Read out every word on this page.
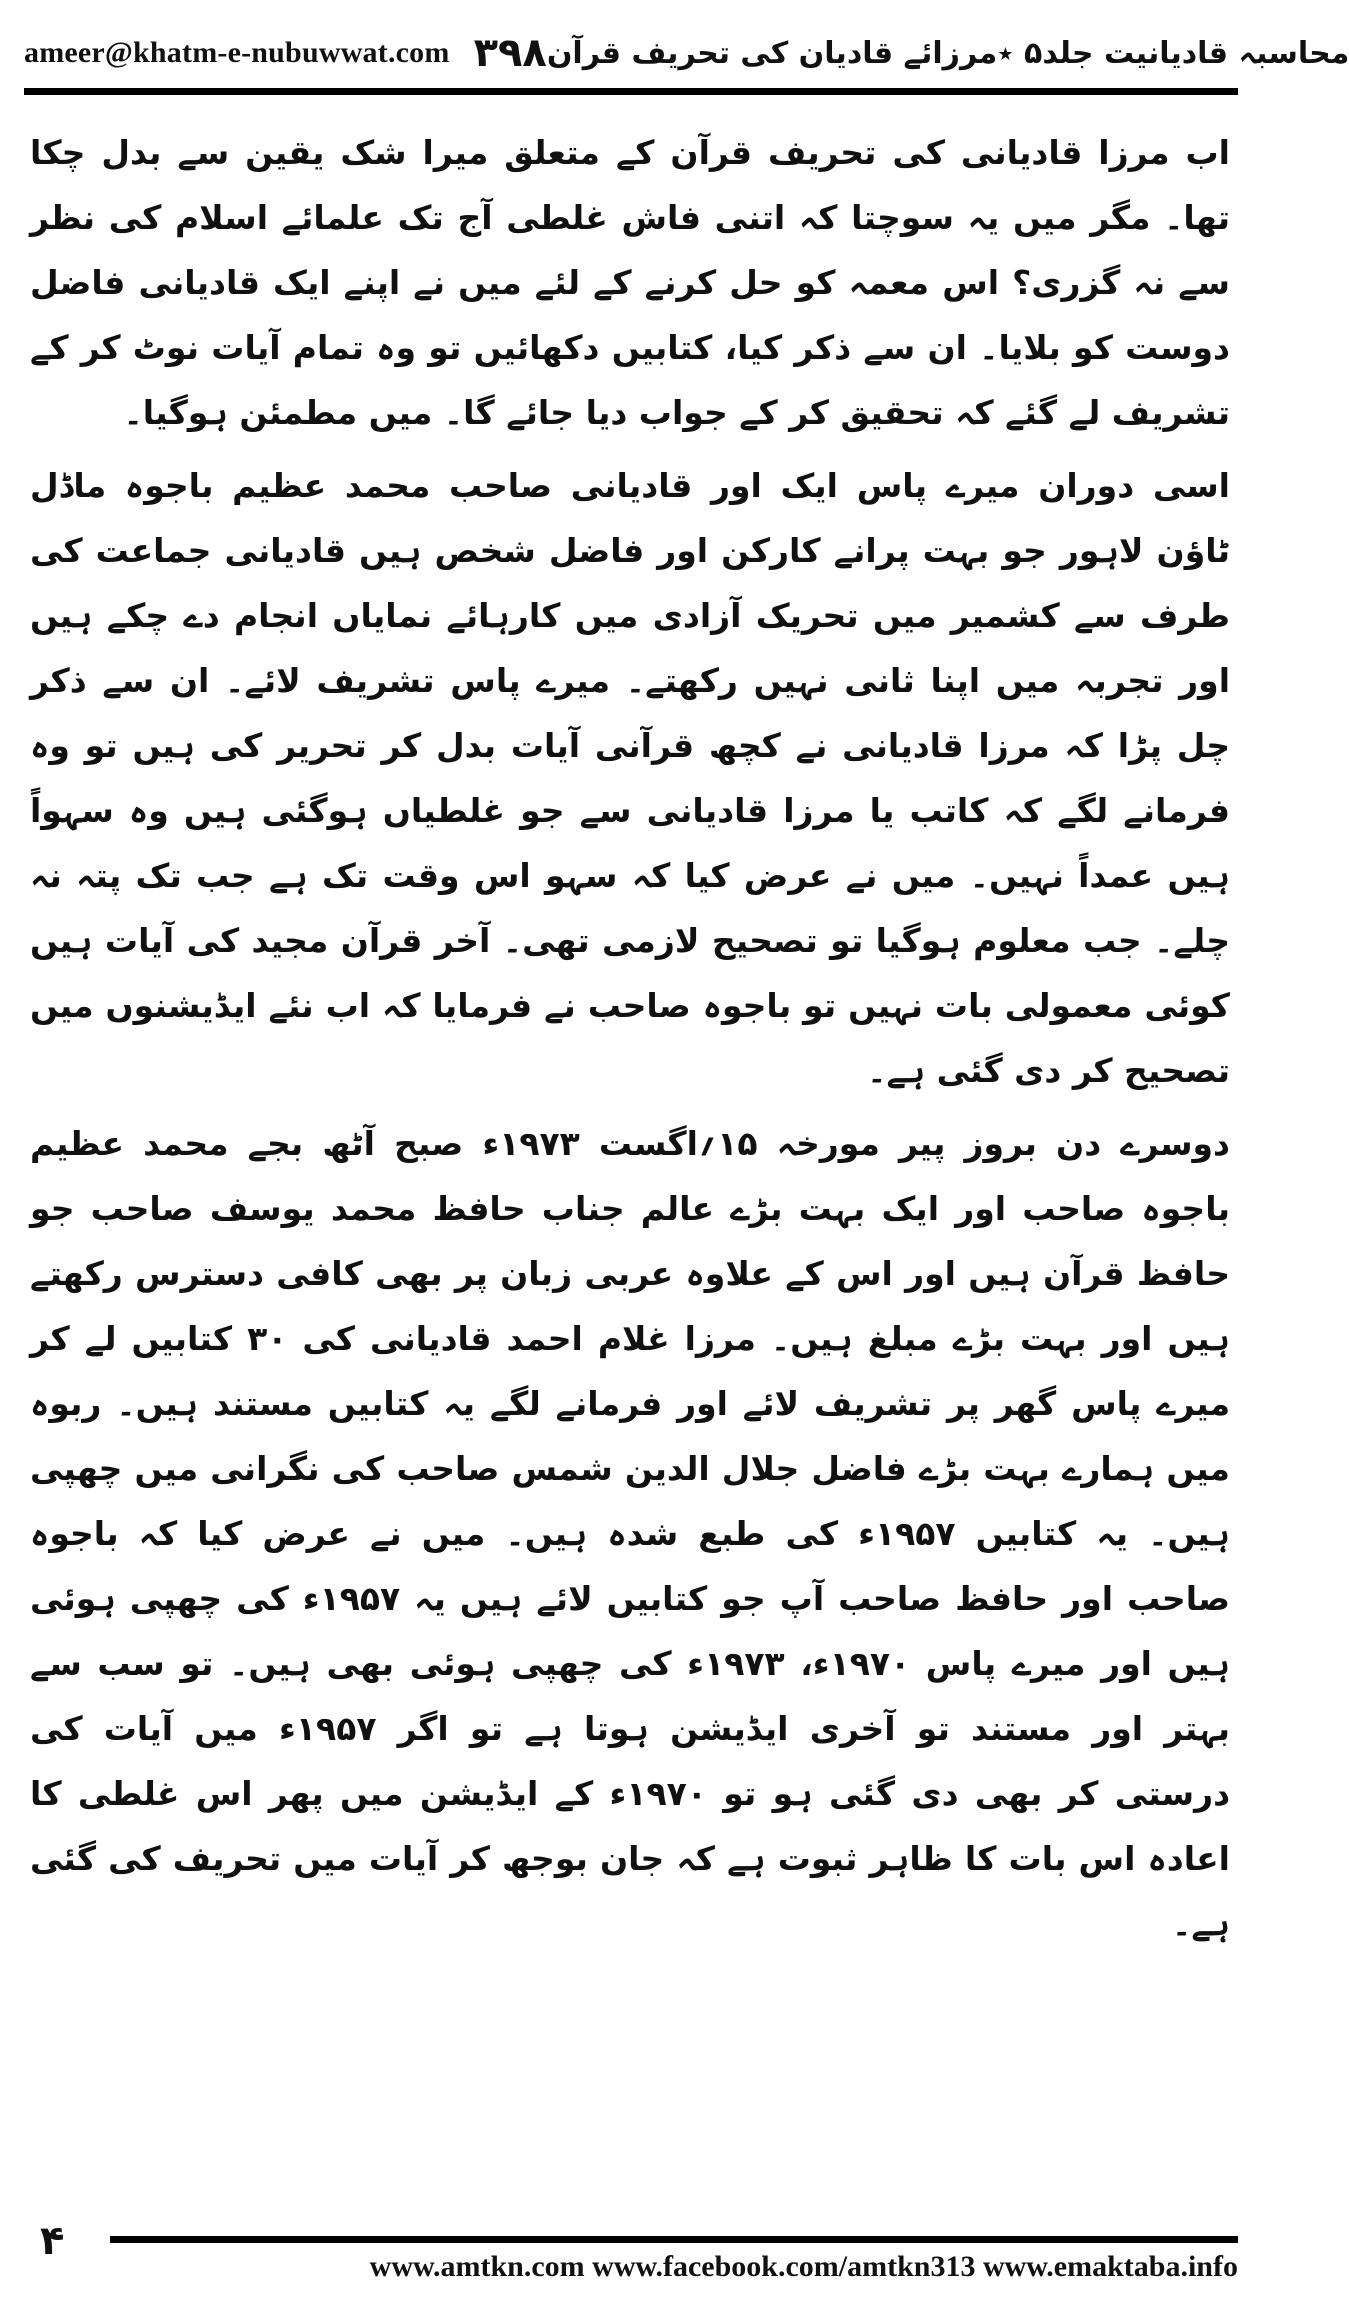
ameer@khatm-e-nubuwwat.com ۳۹۸ محاسبہ قادیانیت جلد۵ ٭مرزائے قادیان کی تحریف قرآن

اب مرزا قادیانی کی تحریف قرآن کے متعلق میرا شک یقین سے بدل چکا تھا۔ مگر میں یہ سوچتا کہ اتنی فاش غلطی آج تک علمائے اسلام کی نظر سے نہ گزری؟ اس معمہ کو حل کرنے کے لئے میں نے اپنے ایک قادیانی فاضل دوست کو بلایا۔ ان سے ذکر کیا، کتابیں دکھائیں تو وہ تمام آیات نوٹ کر کے تشریف لے گئے کہ تحقیق کر کے جواب دیا جائے گا۔ میں مطمئن ہوگیا۔

اسی دوران میرے پاس ایک اور قادیانی صاحب محمد عظیم باجوہ ماڈل ٹاؤن لاہور جو بہت پرانے کارکن اور فاضل شخص ہیں قادیانی جماعت کی طرف سے کشمیر میں تحریک آزادی میں کارہائے نمایاں انجام دے چکے ہیں اور تجربہ میں اپنا ثانی نہیں رکھتے۔ میرے پاس تشریف لائے۔ ان سے ذکر چل پڑا کہ مرزا قادیانی نے کچھ قرآنی آیات بدل کر تحریر کی ہیں تو وہ فرمانے لگے کہ کاتب یا مرزا قادیانی سے جو غلطیاں ہوگئی ہیں وہ سہواً ہیں عمداً نہیں۔ میں نے عرض کیا کہ سہو اس وقت تک ہے جب تک پتہ نہ چلے۔ جب معلوم ہوگیا تو تصحیح لازمی تھی۔ آخر قرآن مجید کی آیات ہیں کوئی معمولی بات نہیں تو باجوہ صاحب نے فرمایا کہ اب نئے ایڈیشنوں میں تصحیح کر دی گئی ہے۔

دوسرے دن بروز پیر مورخہ ۱۵؍اگست ۱۹۷۳ء صبح آٹھ بجے محمد عظیم باجوہ صاحب اور ایک بہت بڑے عالم جناب حافظ محمد یوسف صاحب جو حافظ قرآن ہیں اور اس کے علاوہ عربی زبان پر بھی کافی دسترس رکھتے ہیں اور بہت بڑے مبلغ ہیں۔ مرزا غلام احمد قادیانی کی ۳۰ کتابیں لے کر میرے پاس گھر پر تشریف لائے اور فرمانے لگے یہ کتابیں مستند ہیں۔ ربوہ میں ہمارے بہت بڑے فاضل جلال الدین شمس صاحب کی نگرانی میں چھپی ہیں۔ یہ کتابیں ۱۹۵۷ء کی طبع شدہ ہیں۔ میں نے عرض کیا کہ باجوہ صاحب اور حافظ صاحب آپ جو کتابیں لائے ہیں یہ ۱۹۵۷ء کی چھپی ہوئی ہیں اور میرے پاس ۱۹۷۰ء، ۱۹۷۳ء کی چھپی ہوئی بھی ہیں۔ تو سب سے بہتر اور مستند تو آخری ایڈیشن ہوتا ہے تو اگر ۱۹۵۷ء میں آیات کی درستی کر بھی دی گئی ہو تو ۱۹۷۰ء کے ایڈیشن میں پھر اس غلطی کا اعادہ اس بات کا ظاہر ثبوت ہے کہ جان بوجھ کر آیات میں تحریف کی گئی ہے۔

۴
www.amtkn.com www.facebook.com/amtkn313 www.emaktaba.info
